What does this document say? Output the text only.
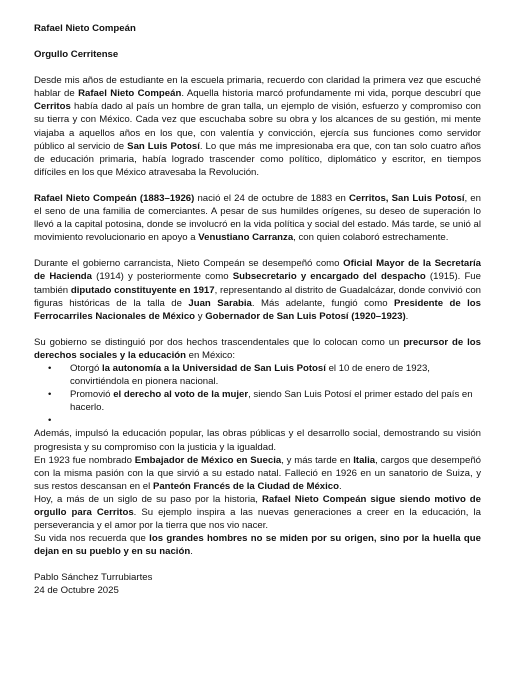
Rafael Nieto Compeán
Orgullo Cerritense

Desde mis años de estudiante en la escuela primaria, recuerdo con claridad la primera vez que escuché hablar de Rafael Nieto Compeán. Aquella historia marcó profundamente mi vida, porque descubrí que Cerritos había dado al país un hombre de gran talla, un ejemplo de visión, esfuerzo y compromiso con su tierra y con México. Cada vez que escuchaba sobre su obra y los alcances de su gestión, mi mente viajaba a aquellos años en los que, con valentía y convicción, ejercía sus funciones como servidor público al servicio de San Luis Potosí. Lo que más me impresionaba era que, con tan solo cuatro años de educación primaria, había logrado trascender como político, diplomático y escritor, en tiempos difíciles en los que México atravesaba la Revolución.

Rafael Nieto Compeán (1883–1926) nació el 24 de octubre de 1883 en Cerritos, San Luis Potosí, en el seno de una familia de comerciantes. A pesar de sus humildes orígenes, su deseo de superación lo llevó a la capital potosina, donde se involucró en la vida política y social del estado. Más tarde, se unió al movimiento revolucionario en apoyo a Venustiano Carranza, con quien colaboró estrechamente.

Durante el gobierno carrancista, Nieto Compeán se desempeñó como Oficial Mayor de la Secretaría de Hacienda (1914) y posteriormente como Subsecretario y encargado del despacho (1915). Fue también diputado constituyente en 1917, representando al distrito de Guadalcázar, donde convivió con figuras históricas de la talla de Juan Sarabia. Más adelante, fungió como Presidente de los Ferrocarriles Nacionales de México y Gobernador de San Luis Potosí (1920–1923).

Su gobierno se distinguió por dos hechos trascendentales que lo colocan como un precursor de los derechos sociales y la educación en México:

• Otorgó la autonomía a la Universidad de San Luis Potosí el 10 de enero de 1923, convirtiéndola en pionera nacional.
• Promovió el derecho al voto de la mujer, siendo San Luis Potosí el primer estado del país en hacerlo.
•

Además, impulsó la educación popular, las obras públicas y el desarrollo social, demostrando su visión progresista y su compromiso con la justicia y la igualdad.

En 1923 fue nombrado Embajador de México en Suecia, y más tarde en Italia, cargos que desempeñó con la misma pasión con la que sirvió a su estado natal. Falleció en 1926 en un sanatorio de Suiza, y sus restos descansan en el Panteón Francés de la Ciudad de México.

Hoy, a más de un siglo de su paso por la historia, Rafael Nieto Compeán sigue siendo motivo de orgullo para Cerritos. Su ejemplo inspira a las nuevas generaciones a creer en la educación, la perseverancia y el amor por la tierra que nos vio nacer.

Su vida nos recuerda que los grandes hombres no se miden por su origen, sino por la huella que dejan en su pueblo y en su nación.

Pablo Sánchez Turrubiartes
24 de Octubre 2025
